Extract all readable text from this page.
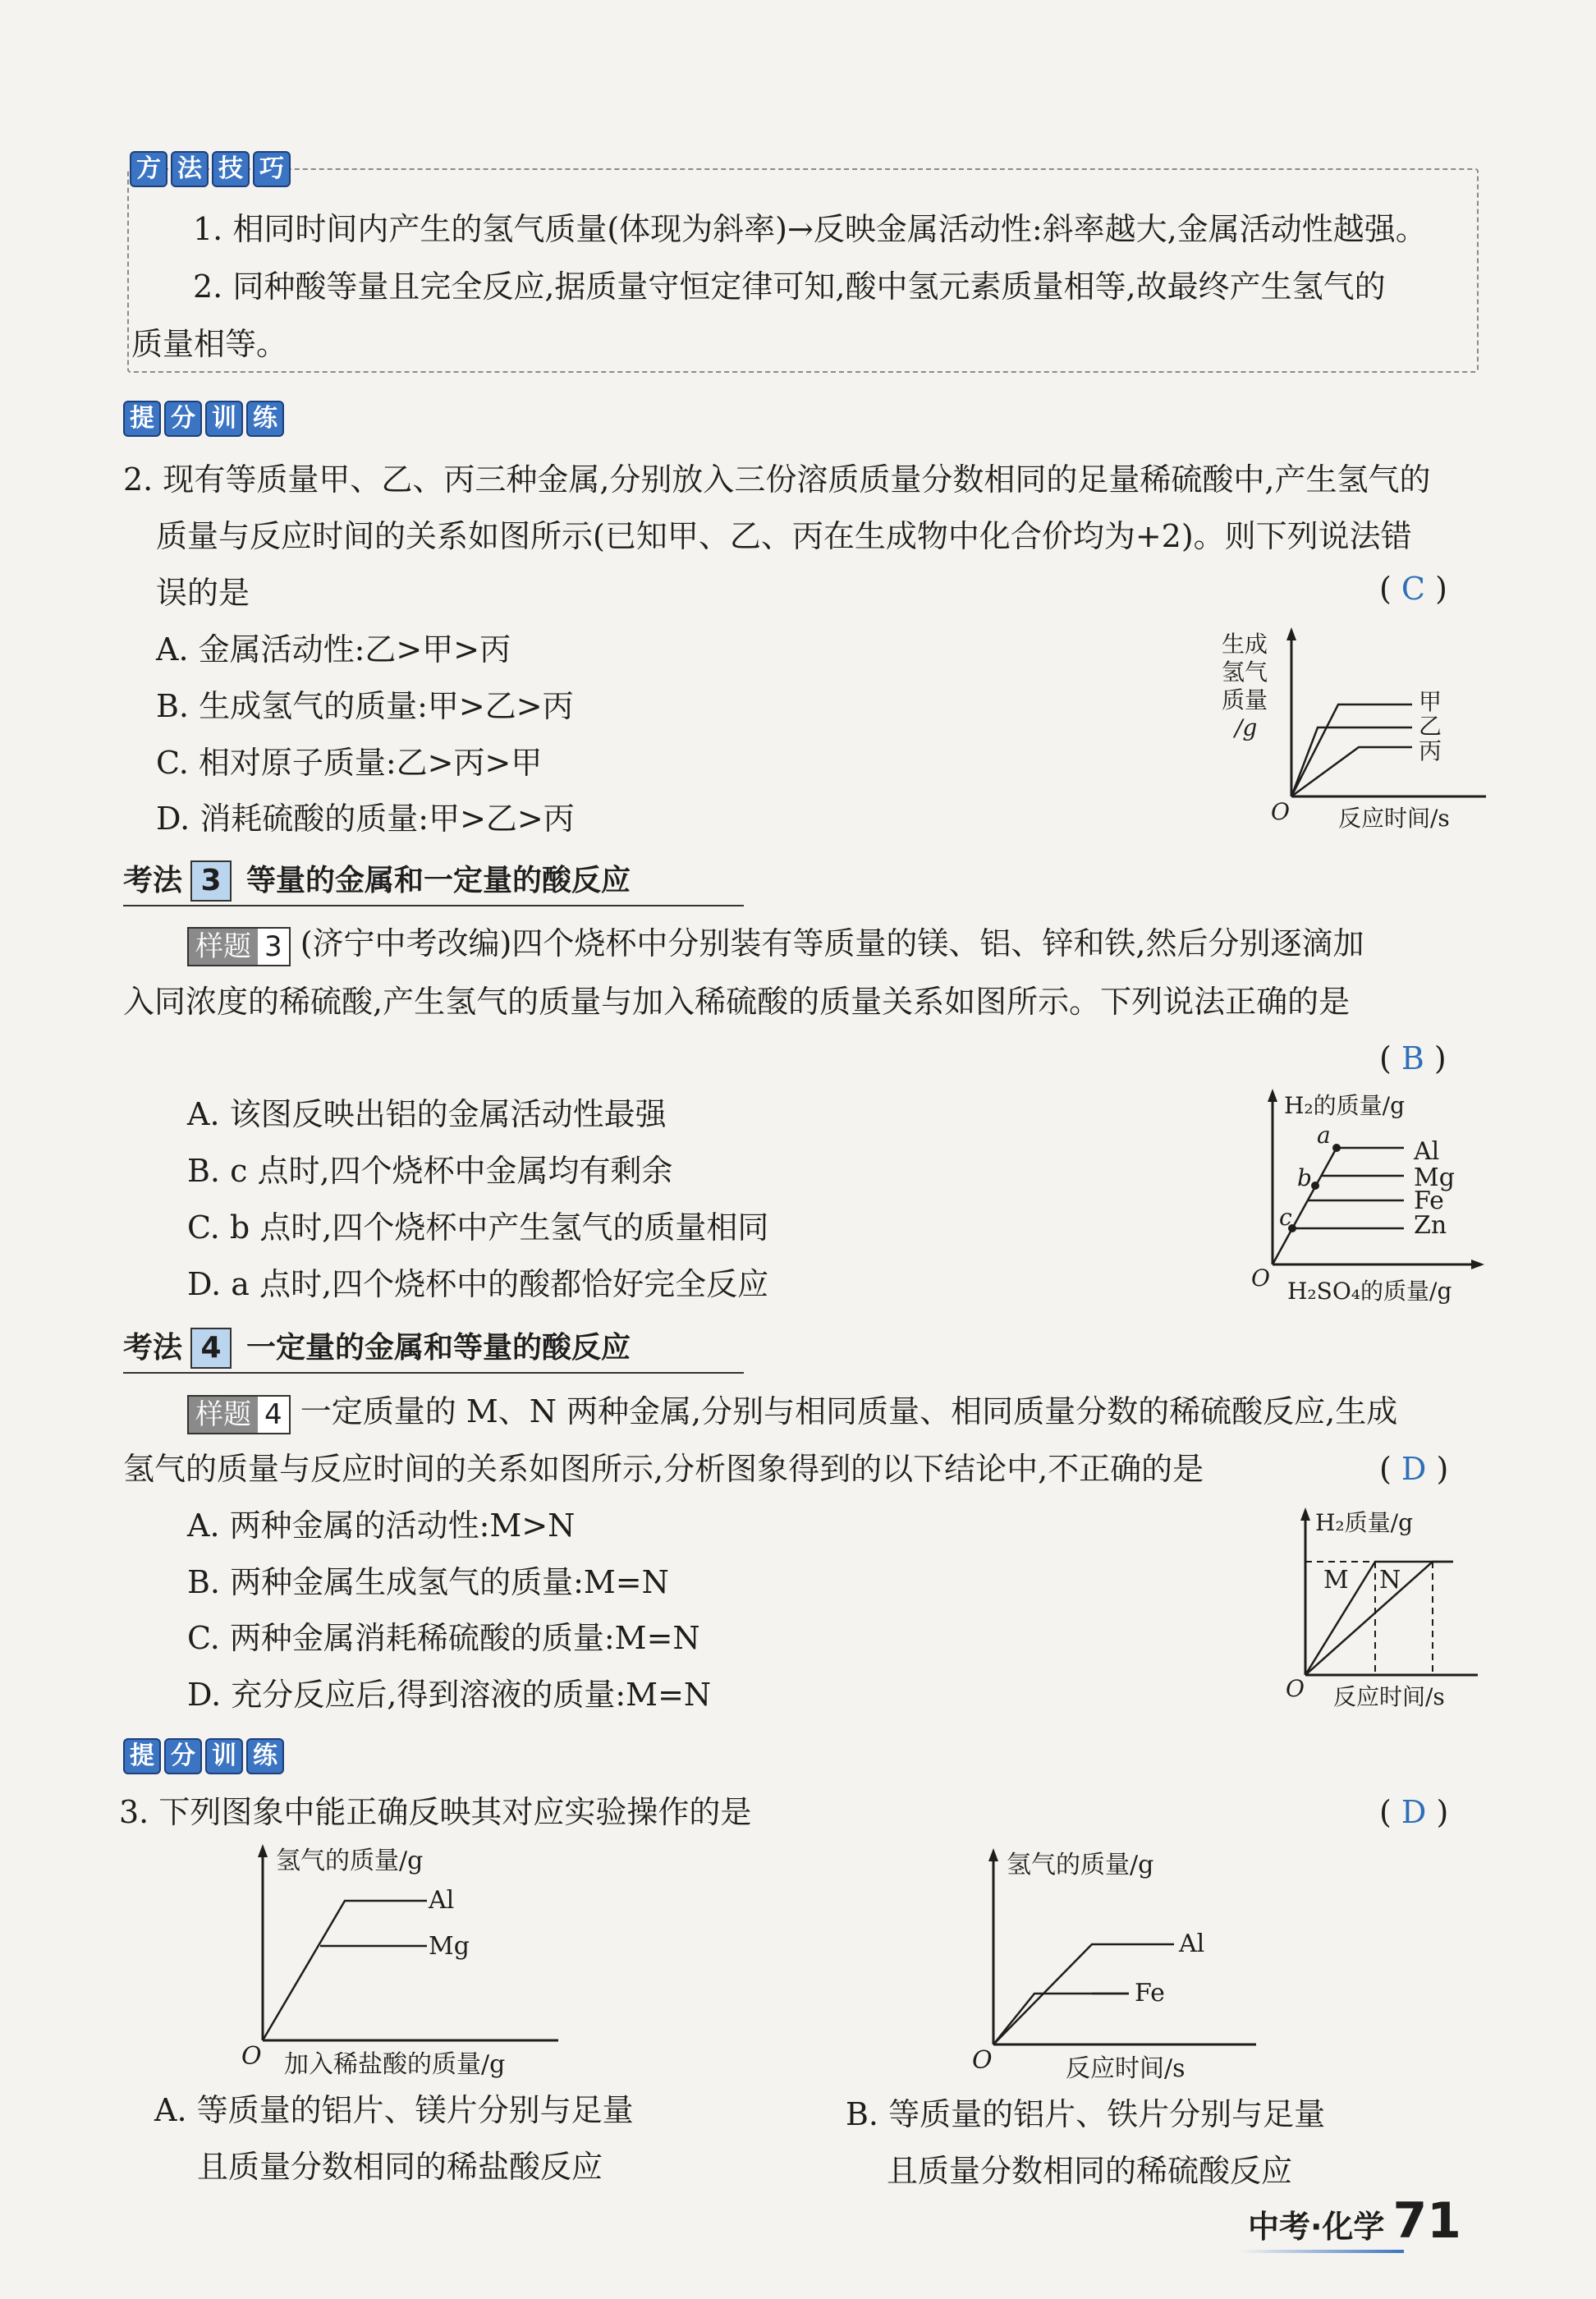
方 法 技 巧
1. 相同时间内产生的氢气质量(体现为斜率)→反映金属活动性:斜率越大,金属活动性越强。
2. 同种酸等量且完全反应,据质量守恒定律可知,酸中氢元素质量相等,故最终产生氢气的
质量相等。
提 分 训 练
2. 现有等质量甲、乙、丙三种金属,分别放入三份溶质质量分数相同的足量稀硫酸中,产生氢气的
质量与反应时间的关系如图所示(已知甲、乙、丙在生成物中化合价均为+2)。则下列说法错
误的是	( C )
A. 金属活动性:乙>甲>丙
B. 生成氢气的质量:甲>乙>丙
C. 相对原子质量:乙>丙>甲
D. 消耗硫酸的质量:甲>乙>丙
生成
氢气
质量
/g
甲
乙
丙
O 反应时间/s
考法 3 等量的金属和一定量的酸反应
样题 3 (济宁中考改编)四个烧杯中分别装有等质量的镁、铝、锌和铁,然后分别逐滴加
入同浓度的稀硫酸,产生氢气的质量与加入稀硫酸的质量关系如图所示。下列说法正确的是
( B )
A. 该图反映出铝的金属活动性最强
B. c 点时,四个烧杯中金属均有剩余
C. b 点时,四个烧杯中产生氢气的质量相同
D. a 点时,四个烧杯中的酸都恰好完全反应
H₂的质量/g
a
b
c
Al
Mg
Fe
Zn
O H₂SO₄的质量/g
考法 4 一定量的金属和等量的酸反应
样题 4 一定质量的 M、N 两种金属,分别与相同质量、相同质量分数的稀硫酸反应,生成
氢气的质量与反应时间的关系如图所示,分析图象得到的以下结论中,不正确的是	( D )
A. 两种金属的活动性:M>N
B. 两种金属生成氢气的质量:M=N
C. 两种金属消耗稀硫酸的质量:M=N
D. 充分反应后,得到溶液的质量:M=N
H₂质量/g
M N
O 反应时间/s
提 分 训 练
3. 下列图象中能正确反映其对应实验操作的是	( D )
氢气的质量/g
Al
Mg
O 加入稀盐酸的质量/g
A. 等质量的铝片、镁片分别与足量
且质量分数相同的稀盐酸反应
氢气的质量/g
Al
Fe
O	反应时间/s
B. 等质量的铝片、铁片分别与足量
且质量分数相同的稀硫酸反应
中考·化学 71
